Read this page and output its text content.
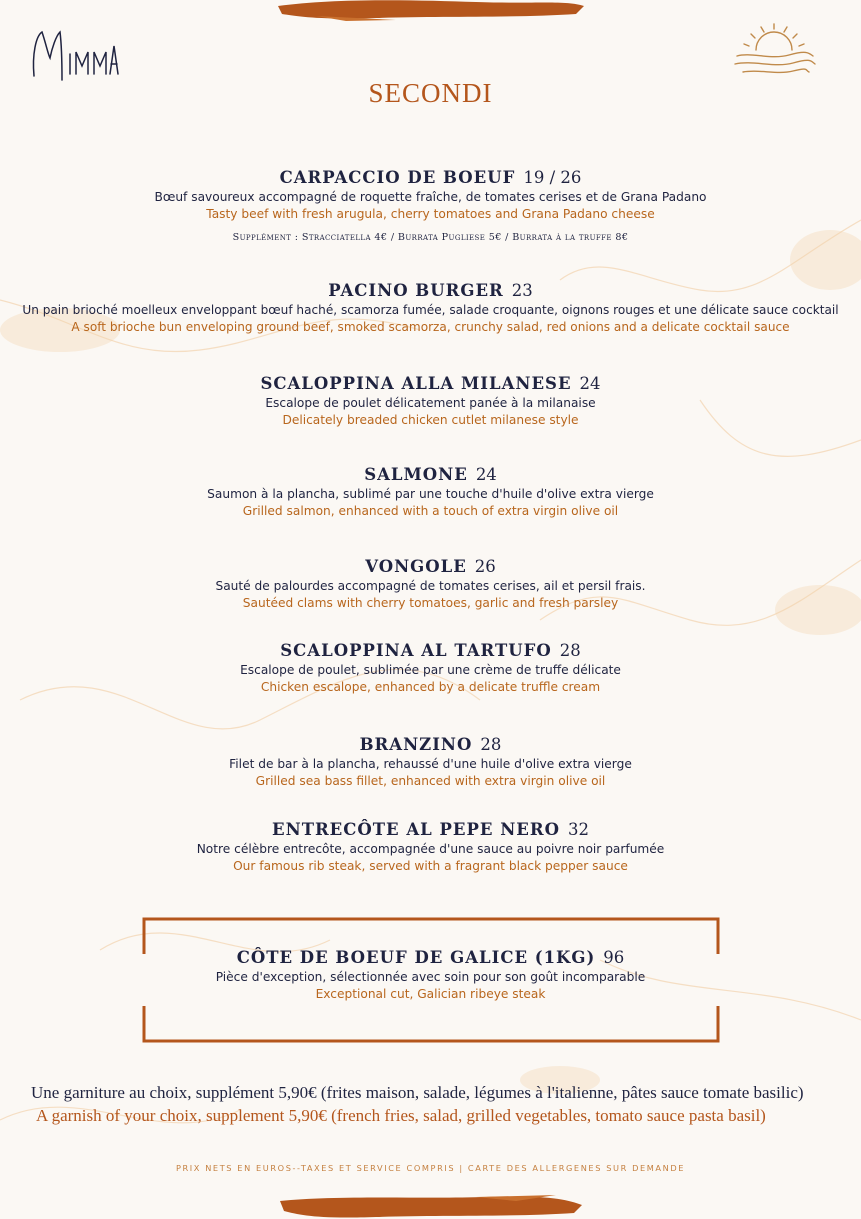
SECONDI
CARPACCIO DE BOEUF 19 / 26
Bœuf savoureux accompagné de roquette fraîche, de tomates cerises et de Grana Padano
Tasty beef with fresh arugula, cherry tomatoes and Grana Padano cheese
Supplément : Stracciatella 4€ / Burrata Pugliese 5€ / Burrata à la truffe 8€
PACINO BURGER 23
Un pain brioché moelleux enveloppant bœuf haché, scamorza fumée, salade croquante, oignons rouges et une délicate sauce cocktail
A soft brioche bun enveloping ground beef, smoked scamorza, crunchy salad, red onions and a delicate cocktail sauce
SCALOPPINA ALLA MILANESE 24
Escalope de poulet délicatement panée à la milanaise
Delicately breaded chicken cutlet milanese style
SALMONE 24
Saumon à la plancha, sublimé par une touche d'huile d'olive extra vierge
Grilled salmon, enhanced with a touch of extra virgin olive oil
VONGOLE 26
Sauté de palourdes accompagné de tomates cerises, ail et persil frais.
Sautéed clams with cherry tomatoes, garlic and fresh parsley
SCALOPPINA AL TARTUFO 28
Escalope de poulet, sublimée par une crème de truffe délicate
Chicken escalope, enhanced by a delicate truffle cream
BRANZINO 28
Filet de bar à la plancha, rehaussé d'une huile d'olive extra vierge
Grilled sea bass fillet, enhanced with extra virgin olive oil
ENTRECÔTE AL PEPE NERO 32
Notre célèbre entrecôte, accompagnée d'une sauce au poivre noir parfumée
Our famous rib steak, served with a fragrant black pepper sauce
CÔTE DE BOEUF DE GALICE (1KG) 96
Pièce d'exception, sélectionnée avec soin pour son goût incomparable
Exceptional cut, Galician ribeye steak
Une garniture au choix, supplément 5,90€ (frites maison, salade, légumes à l'italienne, pâtes sauce tomate basilic)
A garnish of your choix, supplement 5,90€ (french fries, salad, grilled vegetables, tomato sauce pasta basil)
PRIX NETS EN EUROS--TAXES ET SERVICE COMPRIS | CARTE DES ALLERGENES SUR DEMANDE
